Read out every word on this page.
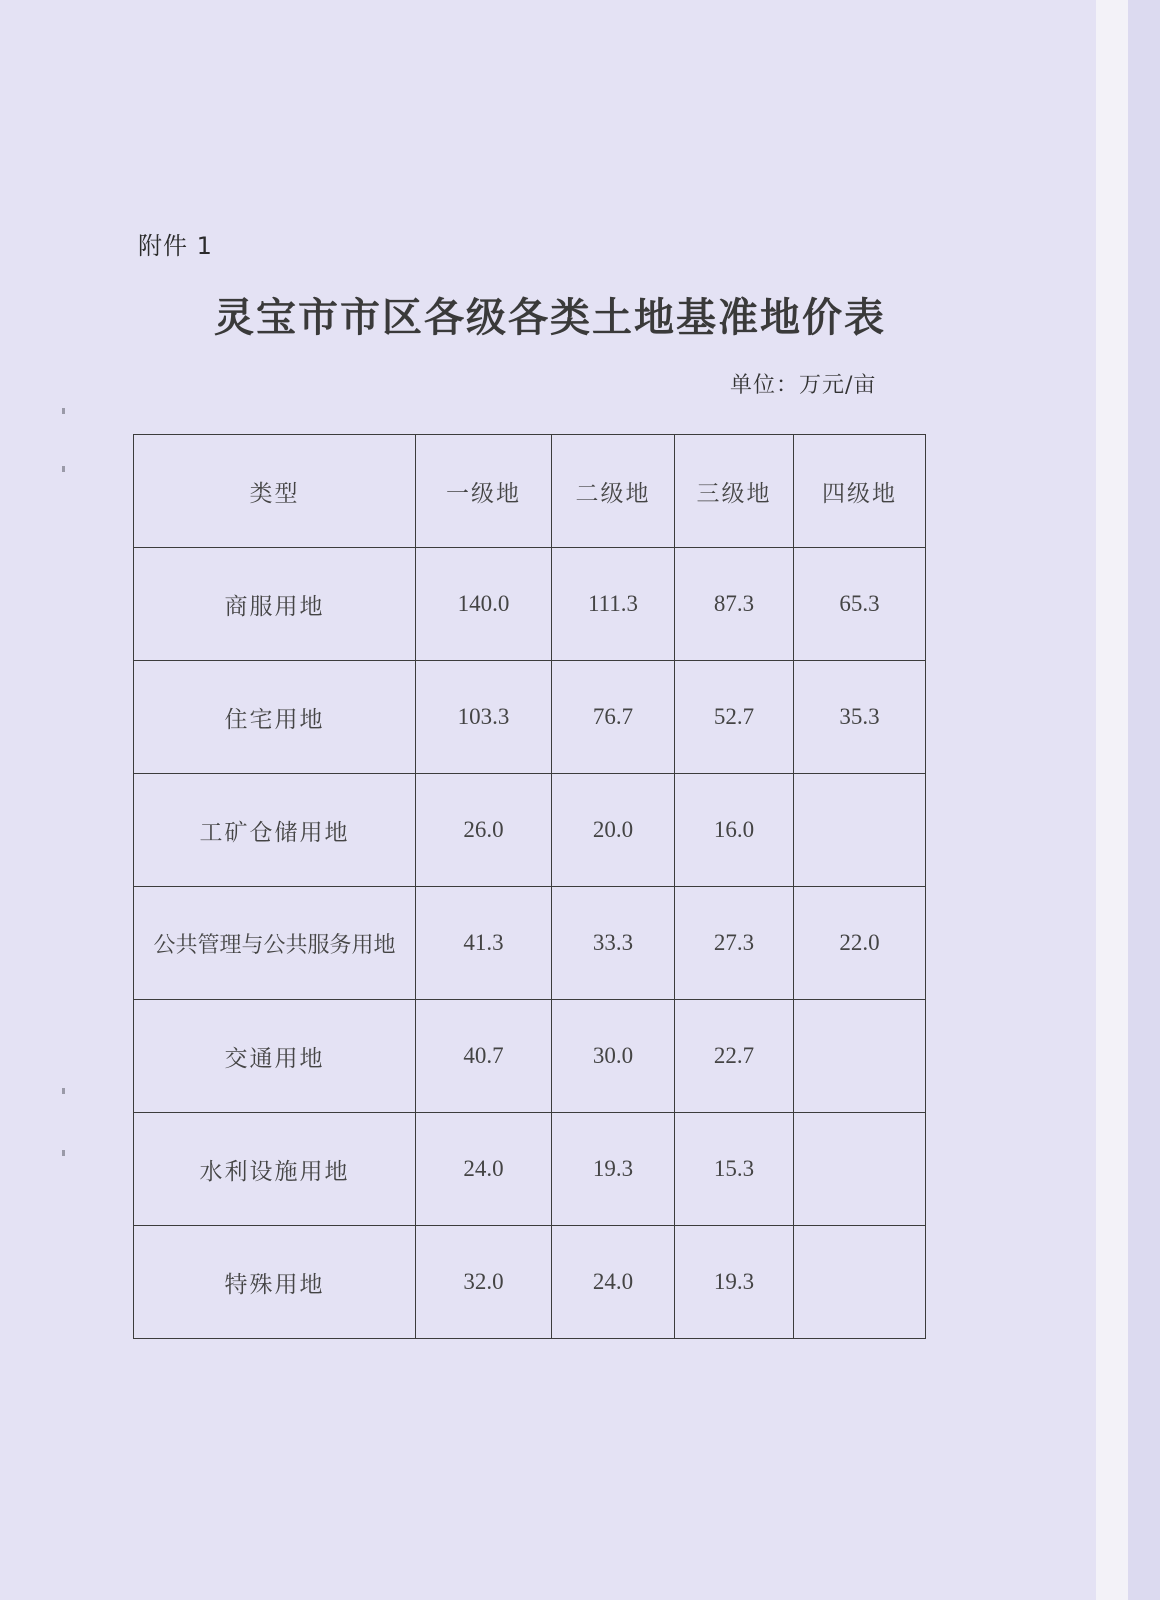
附件 1
灵宝市市区各级各类土地基准地价表
单位：万元/亩
类型	一级地	二级地	三级地	四级地
商服用地	140.0	111.3	87.3	65.3
住宅用地	103.3	76.7	52.7	35.3
工矿仓储用地	26.0	20.0	16.0	
公共管理与公共服务用地	41.3	33.3	27.3	22.0
交通用地	40.7	30.0	22.7	
水利设施用地	24.0	19.3	15.3	
特殊用地	32.0	24.0	19.3	
